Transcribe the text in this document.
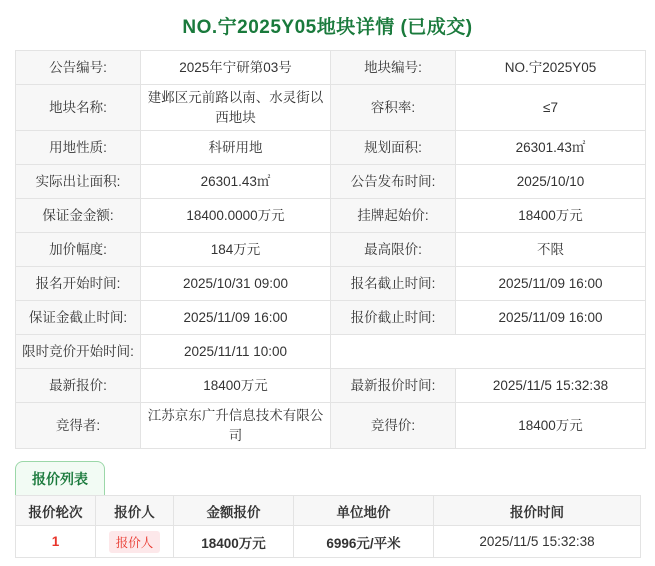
NO.宁2025Y05地块详情 (已成交)
公告编号:	2025年宁研第03号	地块编号:	NO.宁2025Y05
地块名称:	建邺区元前路以南、水灵街以西地块	容积率:	≤7
用地性质:	科研用地	规划面积:	26301.43㎡
实际出让面积:	26301.43㎡	公告发布时间:	2025/10/10
保证金金额:	18400.0000万元	挂牌起始价:	18400万元
加价幅度:	184万元	最高限价:	不限
报名开始时间:	2025/10/31 09:00	报名截止时间:	2025/11/09 16:00
保证金截止时间:	2025/11/09 16:00	报价截止时间:	2025/11/09 16:00
限时竞价开始时间:	2025/11/11 10:00		
最新报价:	18400万元	最新报价时间:	2025/11/5 15:32:38
竞得者:	江苏京东广升信息技术有限公司	竞得价:	18400万元
报价列表
报价轮次	报价人	金额报价	单位地价	报价时间
1	报价人	18400万元	6996元/平米	2025/11/5 15:32:38
